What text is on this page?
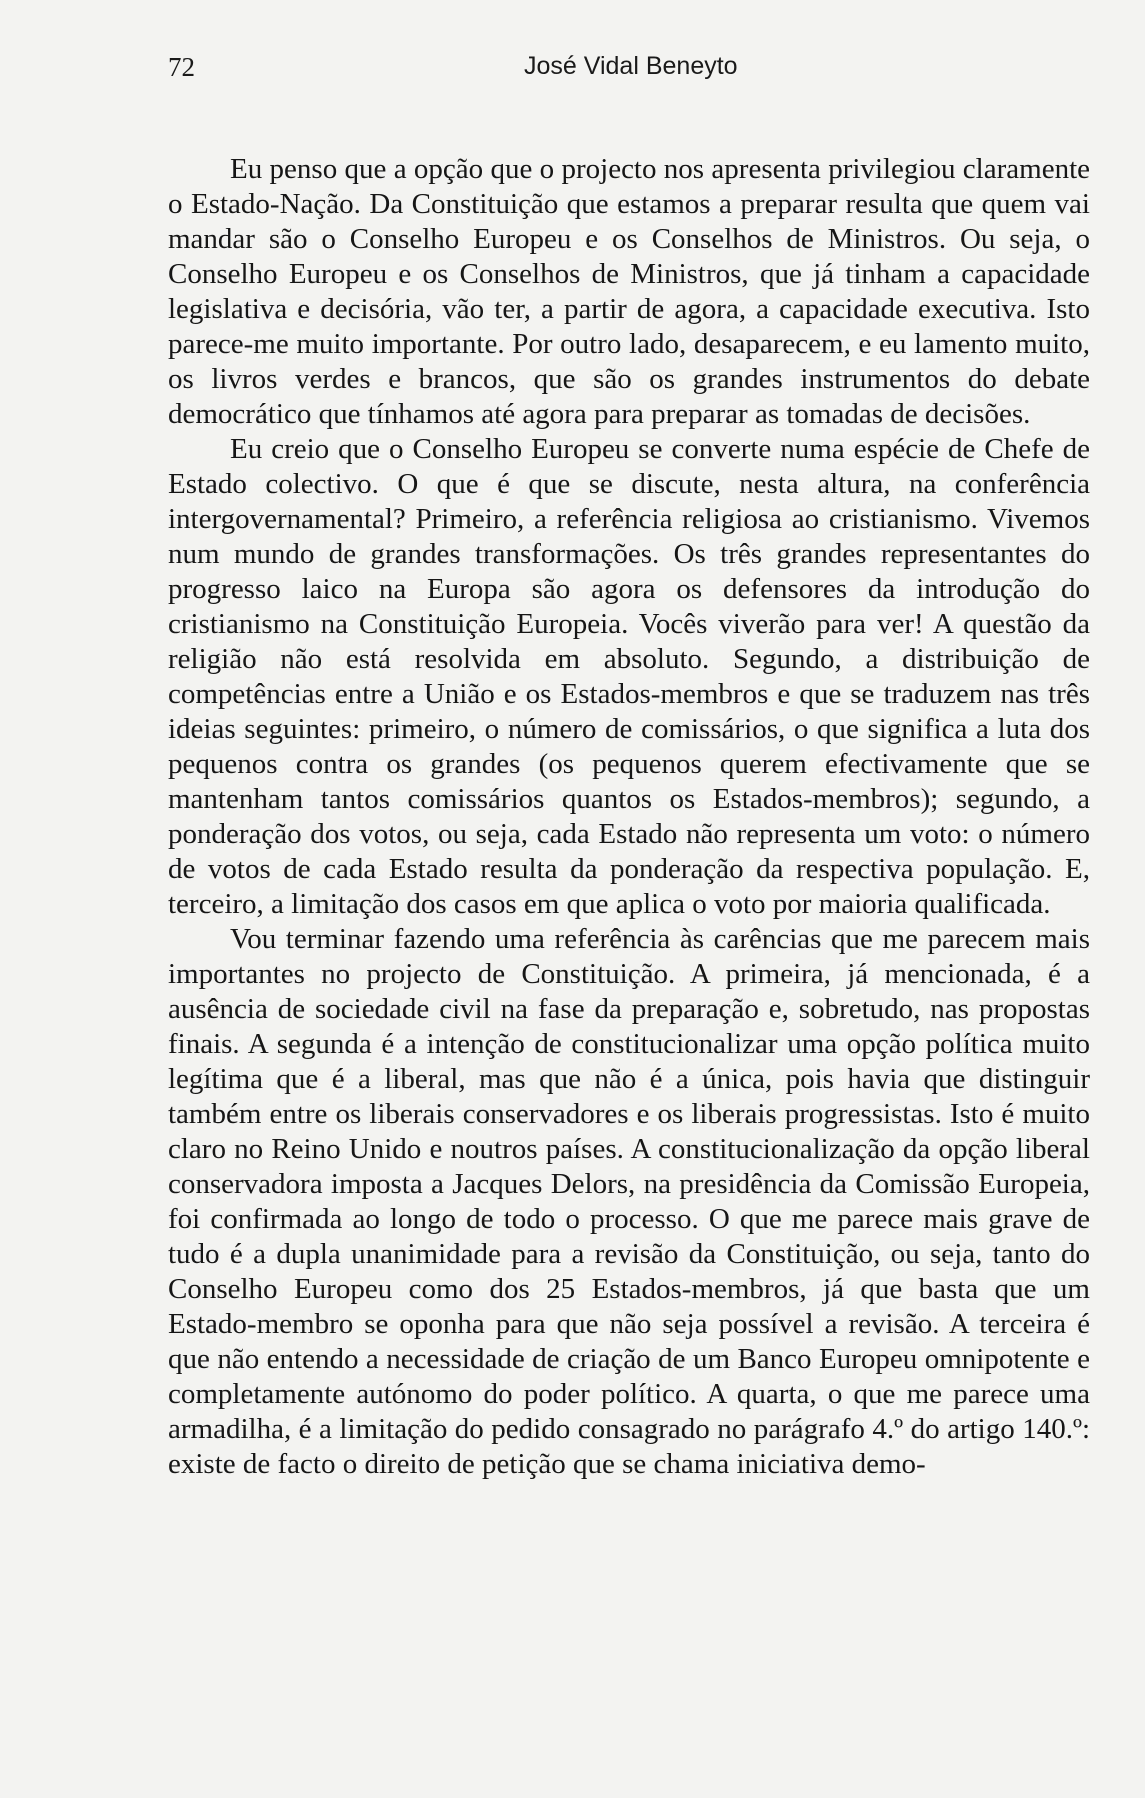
72	José Vidal Beneyto

Eu penso que a opção que o projecto nos apresenta privilegiou claramente o Estado-Nação. Da Constituição que estamos a preparar resulta que quem vai mandar são o Conselho Europeu e os Conselhos de Ministros. Ou seja, o Conselho Europeu e os Conselhos de Ministros, que já tinham a capacidade legislativa e decisória, vão ter, a partir de agora, a capacidade executiva. Isto parece-me muito importante. Por outro lado, desaparecem, e eu lamento muito, os livros verdes e brancos, que são os grandes instrumentos do debate democrático que tínhamos até agora para preparar as tomadas de decisões.

Eu creio que o Conselho Europeu se converte numa espécie de Chefe de Estado colectivo. O que é que se discute, nesta altura, na conferência intergovernamental? Primeiro, a referência religiosa ao cristianismo. Vivemos num mundo de grandes transformações. Os três grandes representantes do progresso laico na Europa são agora os defensores da introdução do cristianismo na Constituição Europeia. Vocês viverão para ver! A questão da religião não está resolvida em absoluto. Segundo, a distribuição de competências entre a União e os Estados-membros e que se traduzem nas três ideias seguintes: primeiro, o número de comissários, o que significa a luta dos pequenos contra os grandes (os pequenos querem efectivamente que se mantenham tantos comissários quantos os Estados-membros); segundo, a ponderação dos votos, ou seja, cada Estado não representa um voto: o número de votos de cada Estado resulta da ponderação da respectiva população. E, terceiro, a limitação dos casos em que aplica o voto por maioria qualificada.

Vou terminar fazendo uma referência às carências que me parecem mais importantes no projecto de Constituição. A primeira, já mencionada, é a ausência de sociedade civil na fase da preparação e, sobretudo, nas propostas finais. A segunda é a intenção de constitucionalizar uma opção política muito legítima que é a liberal, mas que não é a única, pois havia que distinguir também entre os liberais conservadores e os liberais progressistas. Isto é muito claro no Reino Unido e noutros países. A constitucionalização da opção liberal conservadora imposta a Jacques Delors, na presidência da Comissão Europeia, foi confirmada ao longo de todo o processo. O que me parece mais grave de tudo é a dupla unanimidade para a revisão da Constituição, ou seja, tanto do Conselho Europeu como dos 25 Estados-membros, já que basta que um Estado-membro se oponha para que não seja possível a revisão. A terceira é que não entendo a necessidade de criação de um Banco Europeu omnipotente e completamente autónomo do poder político. A quarta, o que me parece uma armadilha, é a limitação do pedido consagrado no parágrafo 4.º do artigo 140.º: existe de facto o direito de petição que se chama iniciativa demo-
